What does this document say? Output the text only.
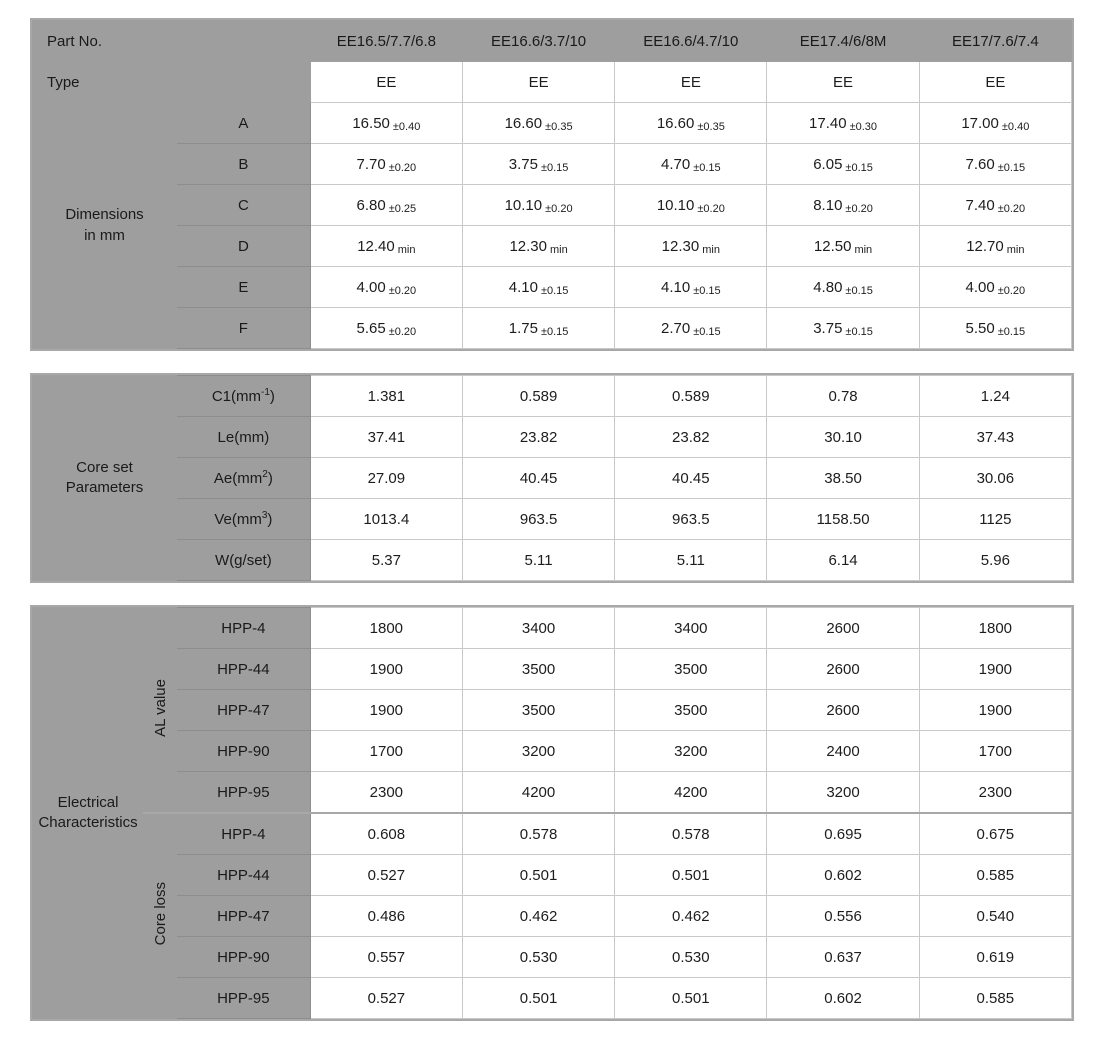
Part No.		EE16.5/7.7/6.8	EE16.6/3.7/10	EE16.6/4.7/10	EE17.4/6/8M	EE17/7.6/7.4
Type		EE	EE	EE	EE	EE

Dimensions
in mm	A	16.50 ±0.40	16.60 ±0.35	16.60 ±0.35	17.40 ±0.30	17.00 ±0.40
	B	7.70 ±0.20	3.75 ±0.15	4.70 ±0.15	6.05 ±0.15	7.60 ±0.15
	C	6.80 ±0.25	10.10 ±0.20	10.10 ±0.20	8.10 ±0.20	7.40 ±0.20
	D	12.40 min	12.30 min	12.30 min	12.50 min	12.70 min
	E	4.00 ±0.20	4.10 ±0.15	4.10 ±0.15	4.80 ±0.15	4.00 ±0.20
	F	5.65 ±0.20	1.75 ±0.15	2.70 ±0.15	3.75 ±0.15	5.50 ±0.15
Core set
Parameters	$C1(mm^{-1})$	1.381	0.589	0.589	0.78	1.24
	Le(mm)	37.41	23.82	23.82	30.10	37.43
	$Ae(mm^2)$	27.09	40.45	40.45	38.50	30.06
	$Ve(mm^3)$	1013.4	963.5	963.5	1158.50	1125
	W(g/set)	5.37	5.11	5.11	6.14	5.96
Electrical
Characteristics	AL value	HPP-4	1800	3400	3400	2600	1800
		HPP-44	1900	3500	3500	2600	1900
		HPP-47	1900	3500	3500	2600	1900
		HPP-90	1700	3200	3200	2400	1700
		HPP-95	2300	4200	4200	3200	2300
	Core loss	HPP-4	0.608	0.578	0.578	0.695	0.675
		HPP-44	0.527	0.501	0.501	0.602	0.585
		HPP-47	0.486	0.462	0.462	0.556	0.540
		HPP-90	0.557	0.530	0.530	0.637	0.619
		HPP-95	0.527	0.501	0.501	0.602	0.585
